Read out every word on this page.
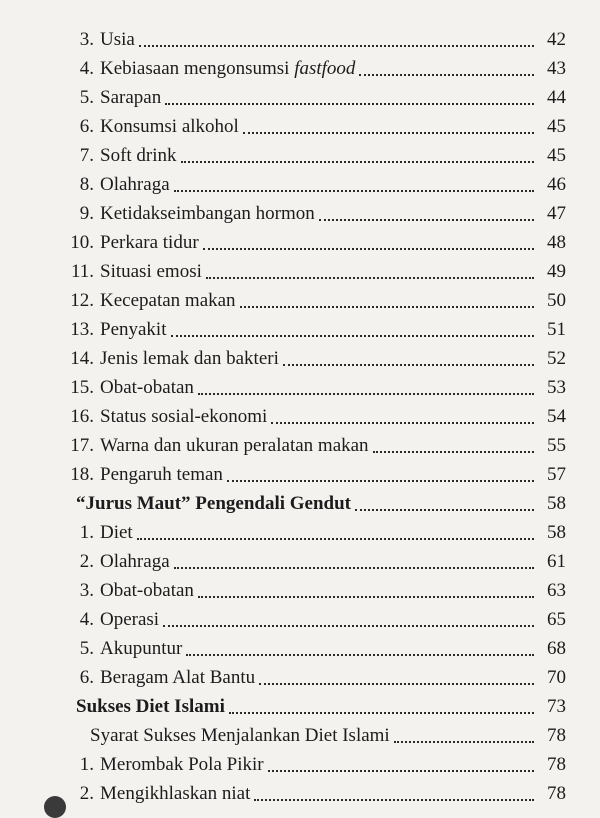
3. Usia	42
4. Kebiasaan mengonsumsi fastfood	43
5. Sarapan	44
6. Konsumsi alkohol	45
7. Soft drink	45
8. Olahraga	46
9. Ketidakseimbangan hormon	47
10. Perkara tidur	48
11. Situasi emosi	49
12. Kecepatan makan	50
13. Penyakit	51
14. Jenis lemak dan bakteri	52
15. Obat-obatan	53
16. Status sosial-ekonomi	54
17. Warna dan ukuran peralatan makan	55
18. Pengaruh teman	57
“Jurus Maut” Pengendali Gendut	58
1. Diet	58
2. Olahraga	61
3. Obat-obatan	63
4. Operasi	65
5. Akupuntur	68
6. Beragam Alat Bantu	70
Sukses Diet Islami	73
Syarat Sukses Menjalankan Diet Islami	78
1. Merombak Pola Pikir	78
2. Mengikhlaskan niat	78
